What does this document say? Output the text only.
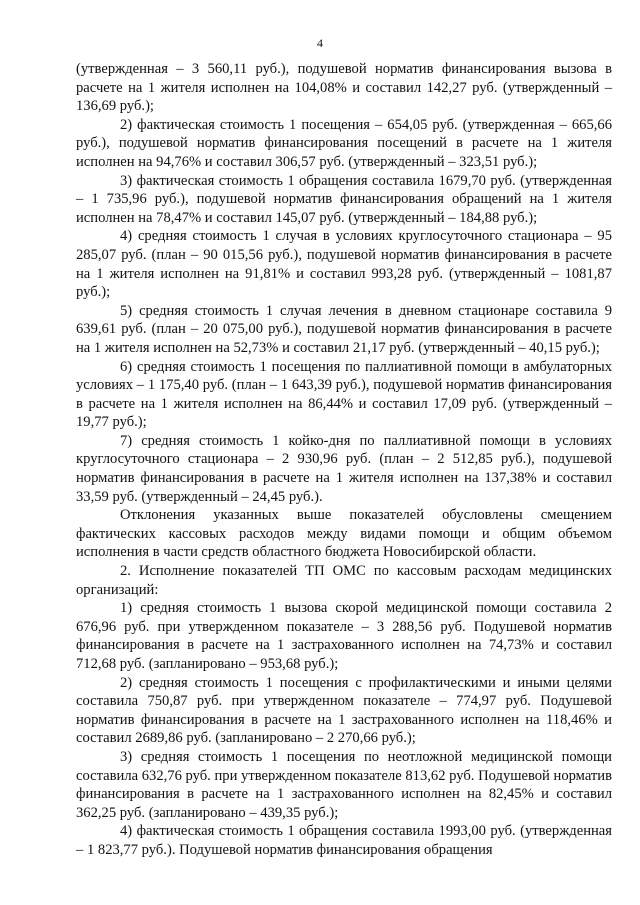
4

(утвержденная – 3 560,11 руб.), подушевой норматив финансирования вызова в расчете на 1 жителя исполнен на 104,08% и составил 142,27 руб. (утвержденный – 136,69 руб.);

2) фактическая стоимость 1 посещения – 654,05 руб. (утвержденная – 665,66 руб.), подушевой норматив финансирования посещений в расчете на 1 жителя исполнен на 94,76% и составил 306,57 руб. (утвержденный – 323,51 руб.);

3) фактическая стоимость 1 обращения составила 1679,70 руб. (утвержденная – 1 735,96 руб.), подушевой норматив финансирования обращений на 1 жителя исполнен на 78,47% и составил 145,07 руб. (утвержденный – 184,88 руб.);

4) средняя стоимость 1 случая в условиях круглосуточного стационара – 95 285,07 руб. (план – 90 015,56 руб.), подушевой норматив финансирования в расчете на 1 жителя исполнен на 91,81% и составил 993,28 руб. (утвержденный – 1081,87 руб.);

5) средняя стоимость 1 случая лечения в дневном стационаре составила 9 639,61 руб. (план – 20 075,00 руб.), подушевой норматив финансирования в расчете на 1 жителя исполнен на 52,73% и составил 21,17 руб. (утвержденный – 40,15 руб.);

6) средняя стоимость 1 посещения по паллиативной помощи в амбулаторных условиях – 1 175,40 руб. (план – 1 643,39 руб.), подушевой норматив финансирования в расчете на 1 жителя исполнен на 86,44% и составил 17,09 руб. (утвержденный – 19,77 руб.);

7) средняя стоимость 1 койко-дня по паллиативной помощи в условиях круглосуточного стационара – 2 930,96 руб. (план – 2 512,85 руб.), подушевой норматив финансирования в расчете на 1 жителя исполнен на 137,38% и составил 33,59 руб. (утвержденный – 24,45 руб.).

Отклонения указанных выше показателей обусловлены смещением фактических кассовых расходов между видами помощи и общим объемом исполнения в части средств областного бюджета Новосибирской области.

2. Исполнение показателей ТП ОМС по кассовым расходам медицинских организаций:

1) средняя стоимость 1 вызова скорой медицинской помощи составила 2 676,96 руб. при утвержденном показателе – 3 288,56 руб. Подушевой норматив финансирования в расчете на 1 застрахованного исполнен на 74,73% и составил 712,68 руб. (запланировано – 953,68 руб.);

2) средняя стоимость 1 посещения с профилактическими и иными целями составила 750,87 руб. при утвержденном показателе – 774,97 руб. Подушевой норматив финансирования в расчете на 1 застрахованного исполнен на 118,46% и составил 2689,86 руб. (запланировано – 2 270,66 руб.);

3) средняя стоимость 1 посещения по неотложной медицинской помощи составила 632,76 руб. при утвержденном показателе 813,62 руб. Подушевой норматив финансирования в расчете на 1 застрахованного исполнен на 82,45% и составил 362,25 руб. (запланировано – 439,35 руб.);

4) фактическая стоимость 1 обращения составила 1993,00 руб. (утвержденная – 1 823,77 руб.). Подушевой норматив финансирования обращения
